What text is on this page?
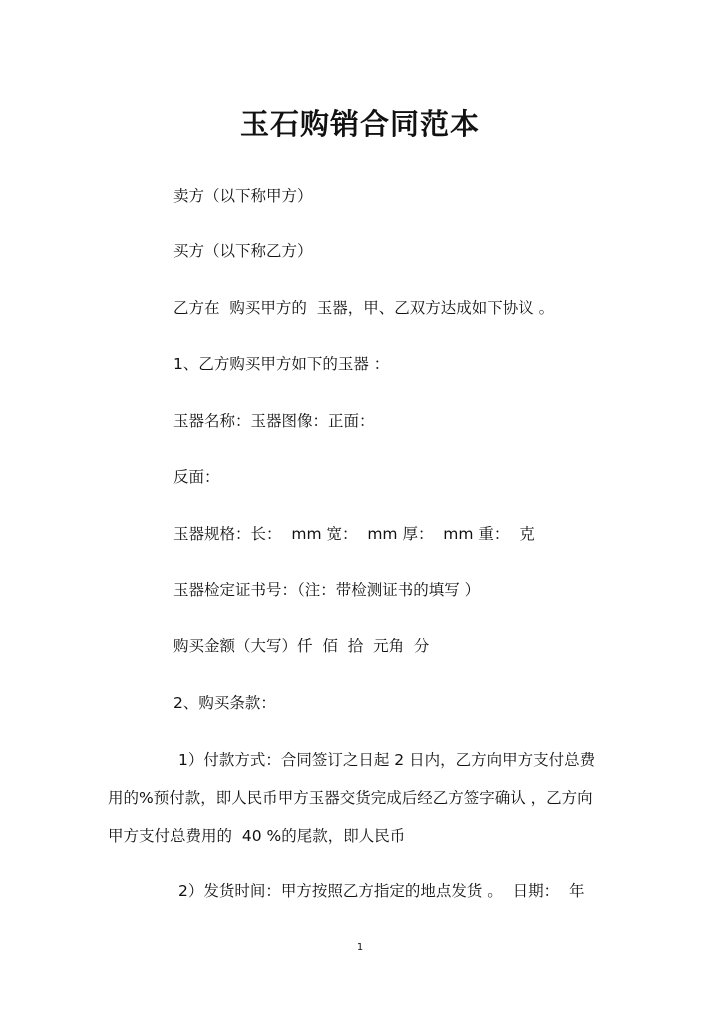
玉石购销合同范本
卖方（以下称甲方）
买方（以下称乙方）
乙方在  购买甲方的  玉器，甲、乙双方达成如下协议 。
1、乙方购买甲方如下的玉器 ：
玉器名称：玉器图像：正面：
反面：
玉器规格：长：  mm 宽：  mm 厚：  mm 重：  克
玉器检定证书号：（注：带检测证书的填写 ）
购买金额（大写）仟  佰  拾  元角  分
2、购买条款：
1）付款方式：合同签订之日起 2 日内，乙方向甲方支付总费
用的%预付款，即人民币甲方玉器交货完成后经乙方签字确认 ，乙方向
甲方支付总费用的  40 %的尾款，即人民币
2）发货时间：甲方按照乙方指定的地点发货 。  日期：  年
1
